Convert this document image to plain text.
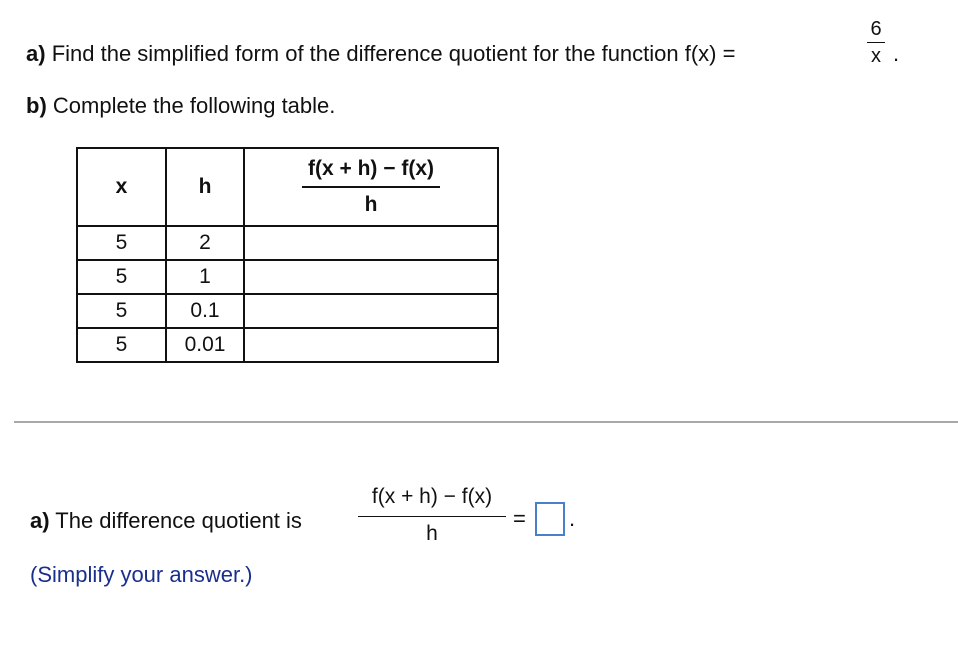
a) Find the simplified form of the difference quotient for the function f(x) =
6
x .
b) Complete the following table.
x	h	$\frac{f(x + h) - f(x)}{h}$

5	2	
5	1	
5	0.1	
5	0.01	
a) The difference quotient is
f(x + h) − f(x)
h
= .
(Simplify your answer.)
